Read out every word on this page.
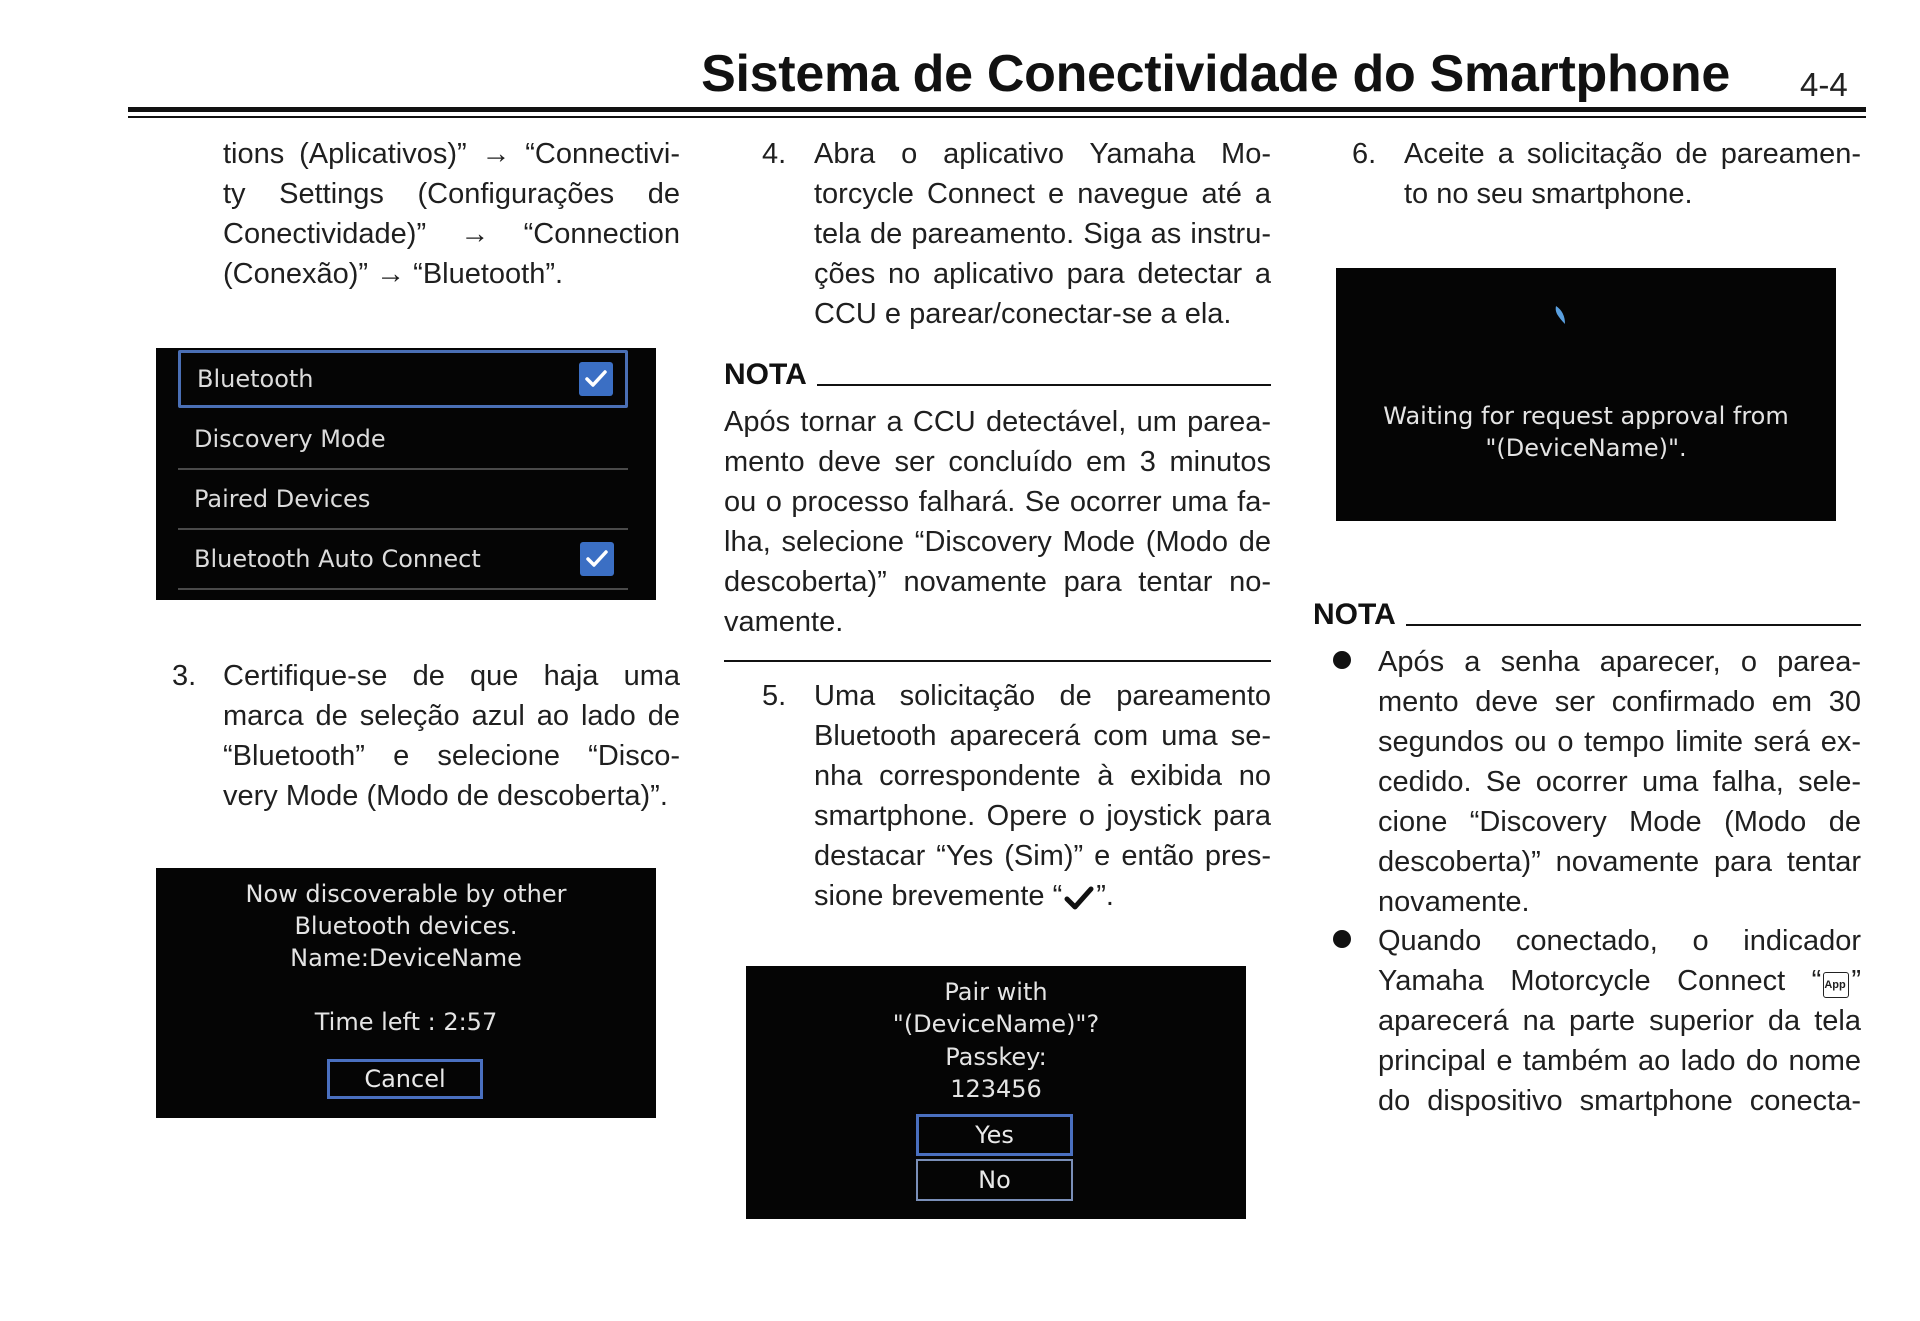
Sistema de Conectividade do Smartphone 4-4
tions (Aplicativos)” → “Connectivi-
ty Settings (Configurações de
Conectividade)” → “Connection
(Conexão)” → “Bluetooth”.
Bluetooth
Discovery Mode
Paired Devices
Bluetooth Auto Connect
3. Certifique-se de que haja uma
marca de seleção azul ao lado de
“Bluetooth” e selecione “Disco-
very Mode (Modo de descoberta)”.
Now discoverable by other
Bluetooth devices.
Name:DeviceName
Time left : 2:57
Cancel
4. Abra o aplicativo Yamaha Mo-
torcycle Connect e navegue até a
tela de pareamento. Siga as instru-
ções no aplicativo para detectar a
CCU e parear/conectar-se a ela.
NOTA
Após tornar a CCU detectável, um parea-
mento deve ser concluído em 3 minutos
ou o processo falhará. Se ocorrer uma fa-
lha, selecione “Discovery Mode (Modo de
descoberta)” novamente para tentar no-
vamente.
5. Uma solicitação de pareamento
Bluetooth aparecerá com uma se-
nha correspondente à exibida no
smartphone. Opere o joystick para
destacar “Yes (Sim)” e então pres-
sione brevemente “ ”.
Pair with
"(DeviceName)"?
Passkey:
123456
Yes
No
6. Aceite a solicitação de pareamen-
to no seu smartphone.
Waiting for request approval from
"(DeviceName)".
NOTA
Após a senha aparecer, o parea-
mento deve ser confirmado em 30
segundos ou o tempo limite será ex-
cedido. Se ocorrer uma falha, sele-
cione “Discovery Mode (Modo de
descoberta)” novamente para tentar
novamente.
Quando conectado, o indicador
Yamaha Motorcycle Connect “ App ”
aparecerá na parte superior da tela
principal e também ao lado do nome
do dispositivo smartphone conecta-
